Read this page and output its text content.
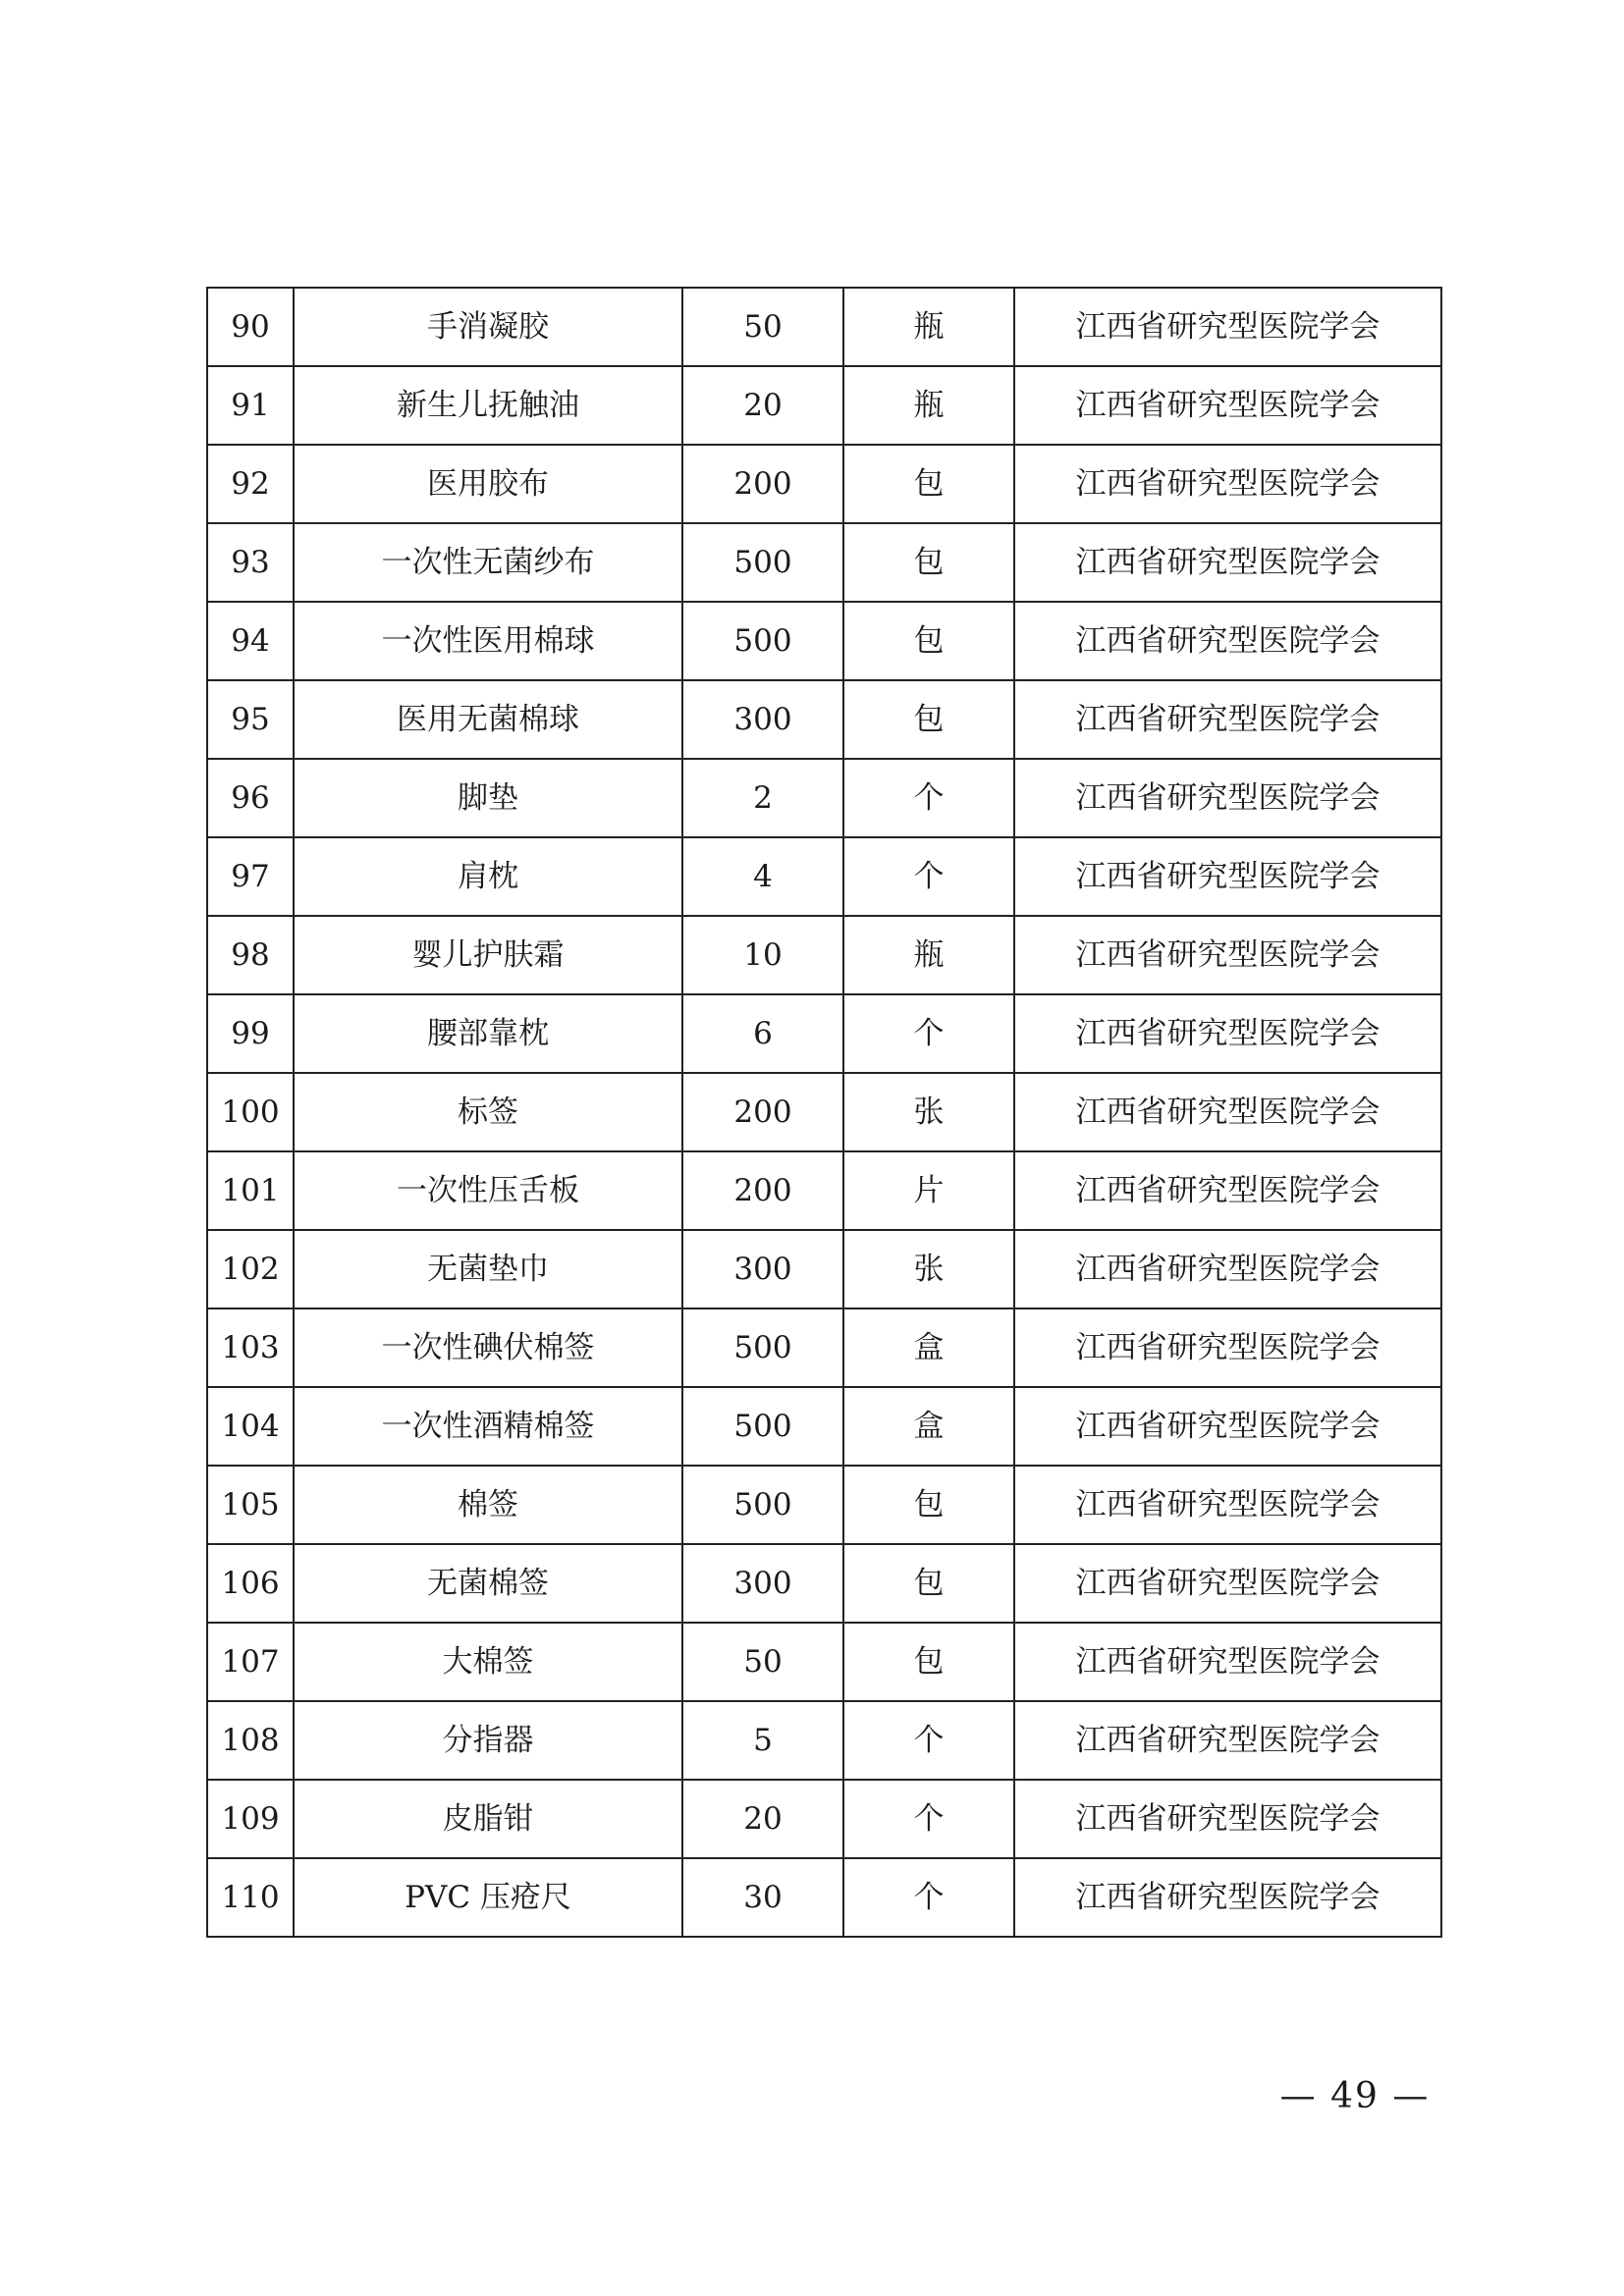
90	手消凝胶	50	瓶	江西省研究型医院学会
91	新生儿抚触油	20	瓶	江西省研究型医院学会
92	医用胶布	200	包	江西省研究型医院学会
93	一次性无菌纱布	500	包	江西省研究型医院学会
94	一次性医用棉球	500	包	江西省研究型医院学会
95	医用无菌棉球	300	包	江西省研究型医院学会
96	脚垫	2	个	江西省研究型医院学会
97	肩枕	4	个	江西省研究型医院学会
98	婴儿护肤霜	10	瓶	江西省研究型医院学会
99	腰部靠枕	6	个	江西省研究型医院学会
100	标签	200	张	江西省研究型医院学会
101	一次性压舌板	200	片	江西省研究型医院学会
102	无菌垫巾	300	张	江西省研究型医院学会
103	一次性碘伏棉签	500	盒	江西省研究型医院学会
104	一次性酒精棉签	500	盒	江西省研究型医院学会
105	棉签	500	包	江西省研究型医院学会
106	无菌棉签	300	包	江西省研究型医院学会
107	大棉签	50	包	江西省研究型医院学会
108	分指器	5	个	江西省研究型医院学会
109	皮脂钳	20	个	江西省研究型医院学会
110	PVC 压疮尺	30	个	江西省研究型医院学会
— 49 —
